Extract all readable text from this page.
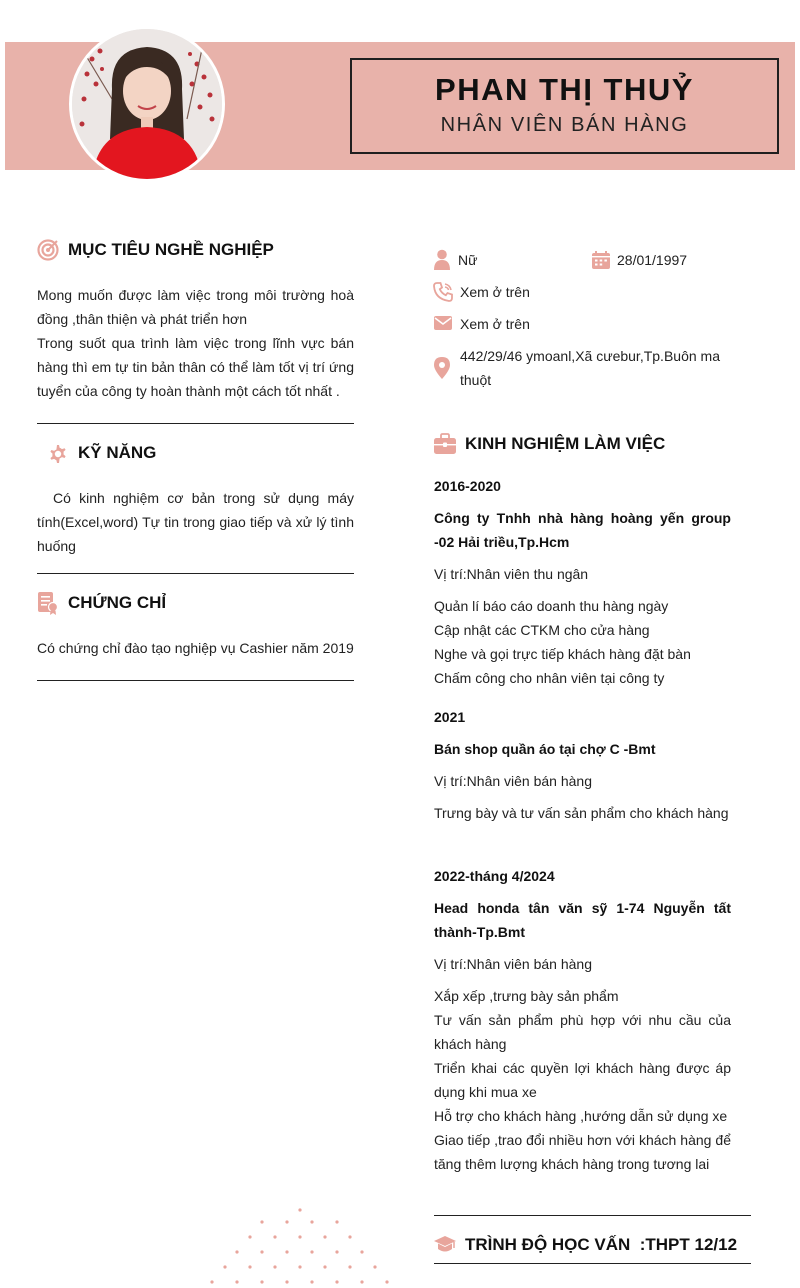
PHAN THỊ THUỶ
NHÂN VIÊN BÁN HÀNG
MỤC TIÊU NGHỀ NGHIỆP

Mong muốn được làm việc trong môi trường hoà đồng ,thân thiện và phát triển hơn

Trong suốt qua trình làm việc trong lĩnh vực bán hàng thì em tự tin bản thân có thể làm tốt vị trí ứng tuyển của công ty hoàn thành một cách tốt nhất .

KỸ NĂNG
Có kinh nghiệm cơ bản trong sử dụng máy tính(Excel,word) Tự tin trong giao tiếp và xử lý tình huống
CHỨNG CHỈ
Có chứng chỉ đào tạo nghiệp vụ Cashier năm 2019
Nữ	28/01/1997
Xem ở trên
Xem ở trên
442/29/46 ymoanl,Xã cưebur,Tp.Buôn ma thuột
KINH NGHIỆM LÀM VIỆC
2016-2020
Công ty Tnhh nhà hàng hoàng yến group -02 Hải triều,Tp.Hcm
Vị trí:Nhân viên thu ngân
Quản lí báo cáo doanh thu hàng ngày
Cập nhật các CTKM cho cửa hàng
Nghe và gọi trực tiếp khách hàng đặt bàn
Chấm công cho nhân viên tại công ty
2021
Bán shop quần áo tại chợ C -Bmt
Vị trí:Nhân viên bán hàng
Trưng bày và tư vấn sản phẩm cho khách hàng
2022-tháng 4/2024
Head honda tân văn sỹ 1-74 Nguyễn tất thành-Tp.Bmt
Vị trí:Nhân viên bán hàng
Xắp xếp ,trưng bày sản phẩm
Tư vấn sản phẩm phù hợp với nhu cầu của khách hàng
Triển khai các quyền lợi khách hàng được áp dụng khi mua xe
Hỗ trợ cho khách hàng ,hướng dẫn sử dụng xe
Giao tiếp ,trao đổi nhiều hơn với khách hàng để tăng thêm lượng khách hàng trong tương lai
TRÌNH ĐỘ HỌC VẤN  :THPT 12/12
